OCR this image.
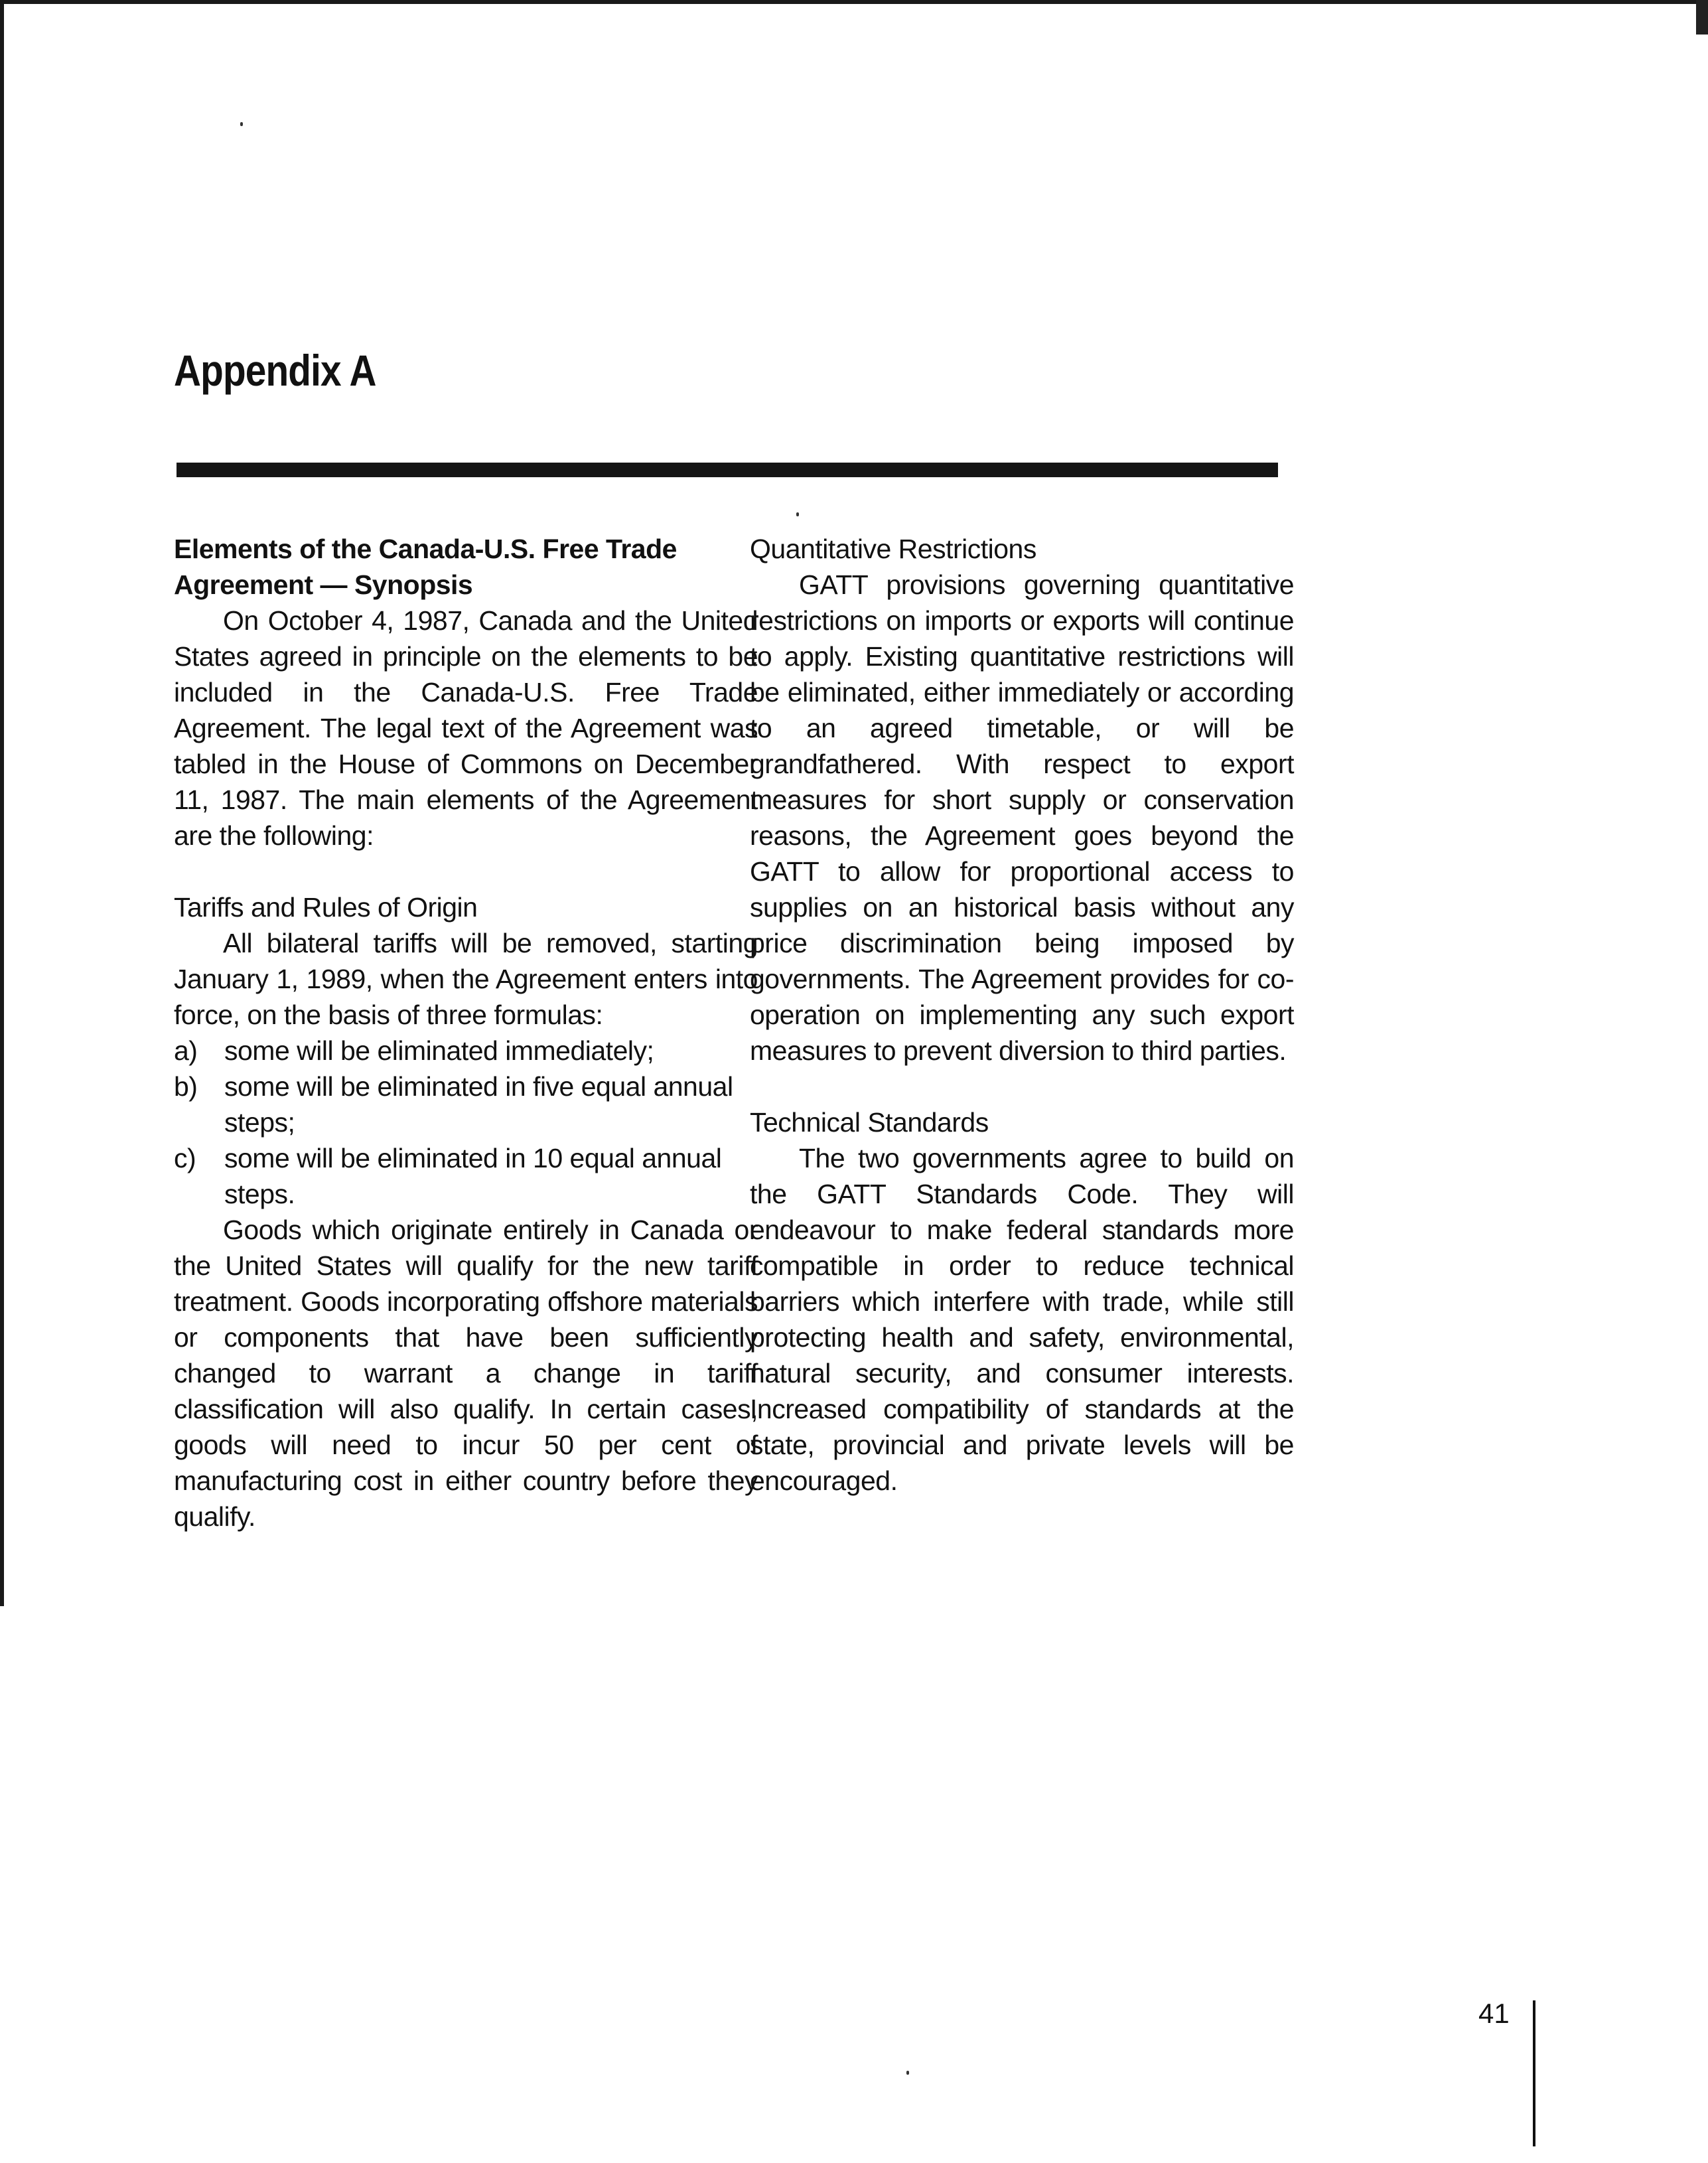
Appendix A
Elements of the Canada-U.S. Free Trade Agreement — Synopsis

On October 4, 1987, Canada and the United States agreed in principle on the elements to be included in the Canada-U.S. Free Trade Agreement. The legal text of the Agreement was tabled in the House of Commons on December 11, 1987. The main elements of the Agreement are the following:

Tariffs and Rules of Origin

All bilateral tariffs will be removed, starting January 1, 1989, when the Agreement enters into force, on the basis of three formulas:

a) some will be eliminated immediately;
b) some will be eliminated in five equal annual steps;
c)	some will be eliminated in 10 equal annual steps.

Goods which originate entirely in Canada or the United States will qualify for the new tariff treatment. Goods incorporating offshore materials or components that have been sufficiently changed to warrant a change in tariff classification will also qualify. In certain cases, goods will need to incur 50 per cent of manufacturing cost in either country before they qualify.

Quantitative Restrictions

GATT provisions governing quantitative restrictions on imports or exports will continue to apply. Existing quantitative restrictions will be eliminated, either immediately or according to an agreed timetable, or will be grandfathered. With respect to export measures for short supply or conservation reasons, the Agreement goes beyond the GATT to allow for proportional access to supplies on an historical basis without any price discrimination being imposed by governments. The Agreement provides for co-operation on implementing any such export measures to prevent diversion to third parties.

Technical Standards

The two governments agree to build on the GATT Standards Code. They will endeavour to make federal standards more compatible in order to reduce technical barriers which interfere with trade, while still protecting health and safety, environmental, natural security, and consumer interests. Increased compatibility of standards at the state, provincial and private levels will be encouraged.

41
